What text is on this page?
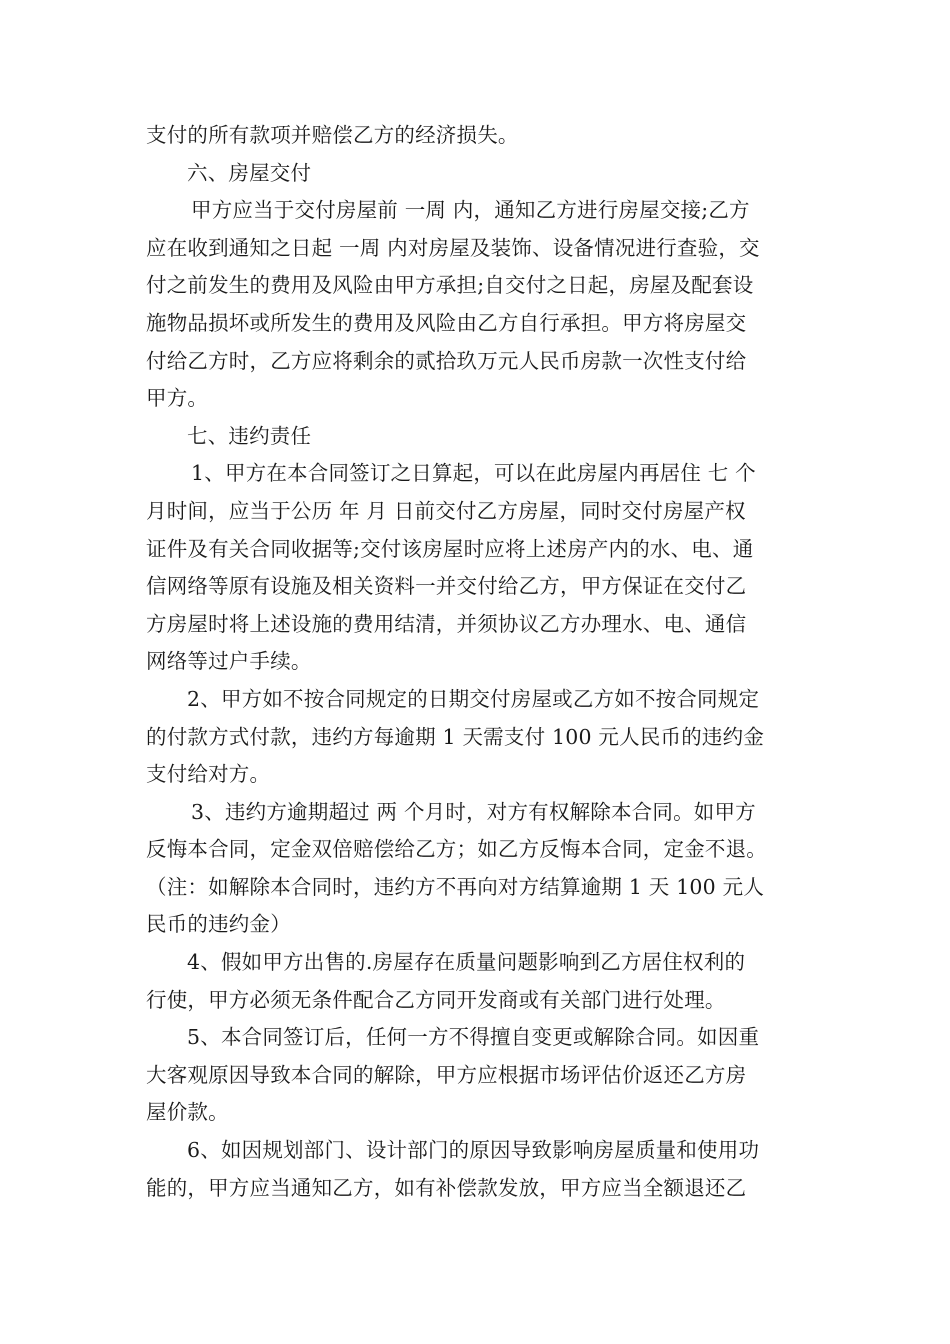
支付的所有款项并赔偿乙方的经济损失。
六、房屋交付
甲方应当于交付房屋前 一周 内，通知乙方进行房屋交接;乙方
应在收到通知之日起 一周 内对房屋及装饰、设备情况进行查验，交
付之前发生的费用及风险由甲方承担;自交付之日起，房屋及配套设
施物品损坏或所发生的费用及风险由乙方自行承担。甲方将房屋交
付给乙方时，乙方应将剩余的贰拾玖万元人民币房款一次性支付给
甲方。
七、违约责任
1、甲方在本合同签订之日算起，可以在此房屋内再居住 七 个
月时间，应当于公历 年 月 日前交付乙方房屋，同时交付房屋产权
证件及有关合同收据等;交付该房屋时应将上述房产内的水、电、通
信网络等原有设施及相关资料一并交付给乙方，甲方保证在交付乙
方房屋时将上述设施的费用结清，并须协议乙方办理水、电、通信
网络等过户手续。
2、甲方如不按合同规定的日期交付房屋或乙方如不按合同规定
的付款方式付款，违约方每逾期 1 天需支付 100 元人民币的违约金
支付给对方。
3、违约方逾期超过 两 个月时，对方有权解除本合同。如甲方
反悔本合同，定金双倍赔偿给乙方；如乙方反悔本合同，定金不退。
（注：如解除本合同时，违约方不再向对方结算逾期 1 天 100 元人
民币的违约金）
4、假如甲方出售的.房屋存在质量问题影响到乙方居住权利的
行使，甲方必须无条件配合乙方同开发商或有关部门进行处理。
5、本合同签订后，任何一方不得擅自变更或解除合同。如因重
大客观原因导致本合同的解除，甲方应根据市场评估价返还乙方房
屋价款。
6、如因规划部门、设计部门的原因导致影响房屋质量和使用功
能的，甲方应当通知乙方，如有补偿款发放，甲方应当全额退还乙
